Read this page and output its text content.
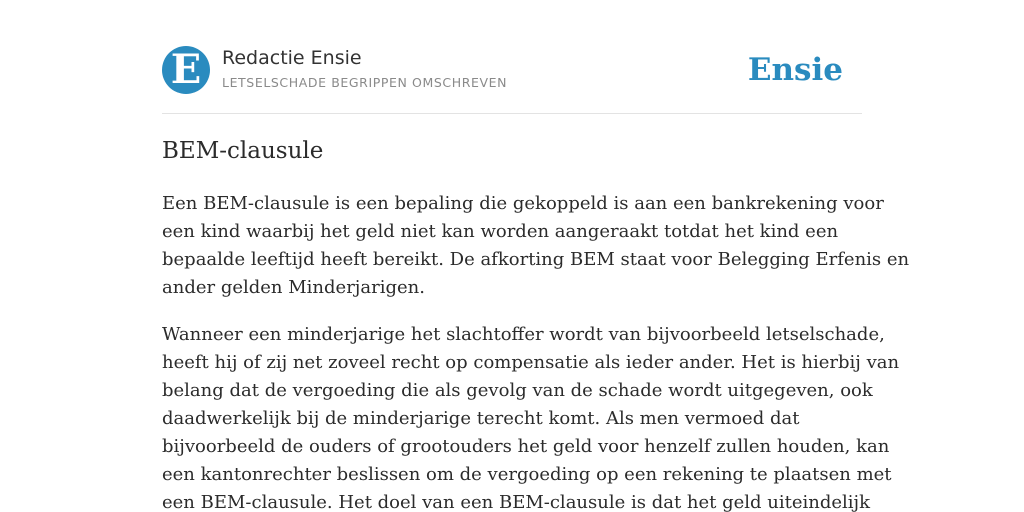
E	Redactie Ensie
LETSELSCHADE BEGRIPPEN OMSCHREVEN	Ensie
BEM-clausule

Een BEM-clausule is een bepaling die gekoppeld is aan een bankrekening voor
een kind waarbij het geld niet kan worden aangeraakt totdat het kind een
bepaalde leeftijd heeft bereikt. De afkorting BEM staat voor Belegging Erfenis en
ander gelden Minderjarigen.

Wanneer een minderjarige het slachtoffer wordt van bijvoorbeeld letselschade,
heeft hij of zij net zoveel recht op compensatie als ieder ander. Het is hierbij van
belang dat de vergoeding die als gevolg van de schade wordt uitgegeven, ook
daadwerkelijk bij de minderjarige terecht komt. Als men vermoed dat
bijvoorbeeld de ouders of grootouders het geld voor henzelf zullen houden, kan
een kantonrechter beslissen om de vergoeding op een rekening te plaatsen met
een BEM-clausule. Het doel van een BEM-clausule is dat het geld uiteindelijk
